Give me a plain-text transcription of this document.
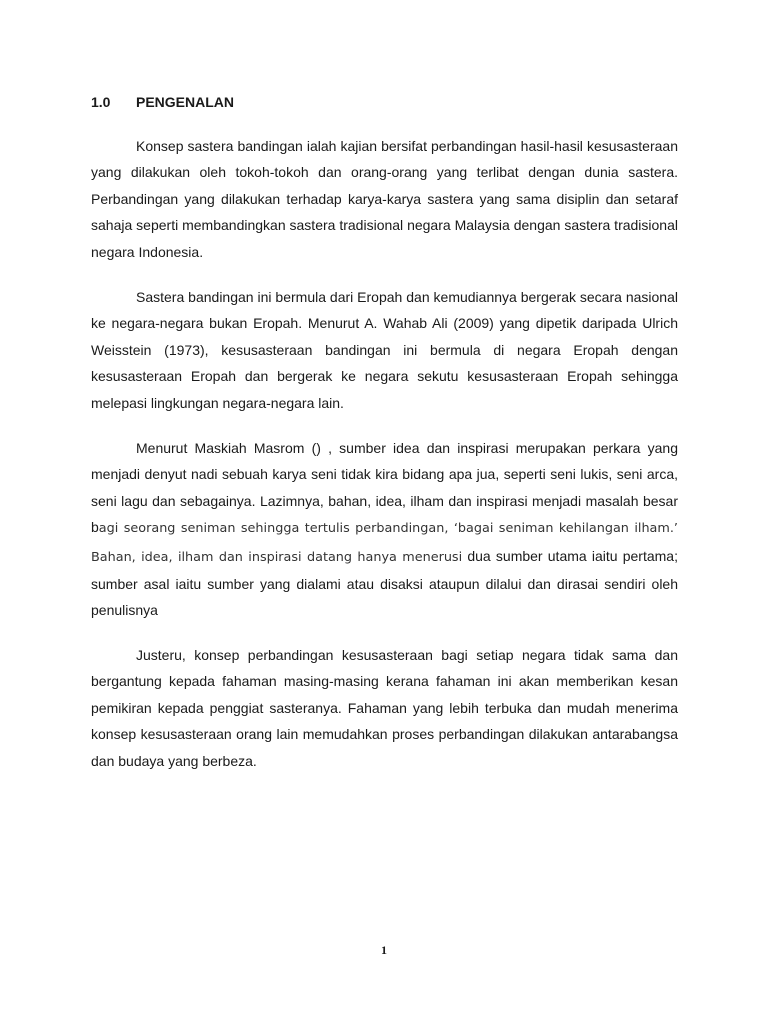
1.0 PENGENALAN

Konsep sastera bandingan ialah kajian bersifat perbandingan hasil-hasil kesusasteraan yang dilakukan oleh tokoh-tokoh dan orang-orang yang terlibat dengan dunia sastera. Perbandingan yang dilakukan terhadap karya-karya sastera yang sama disiplin dan setaraf sahaja seperti membandingkan sastera tradisional negara Malaysia dengan sastera tradisional negara Indonesia.

Sastera bandingan ini bermula dari Eropah dan kemudiannya bergerak secara nasional ke negara-negara bukan Eropah. Menurut A. Wahab Ali (2009) yang dipetik daripada Ulrich Weisstein (1973), kesusasteraan bandingan ini bermula di negara Eropah dengan kesusasteraan Eropah dan bergerak ke negara sekutu kesusasteraan Eropah sehingga melepasi lingkungan negara-negara lain.

Menurut Maskiah Masrom () , sumber idea dan inspirasi merupakan perkara yang menjadi denyut nadi sebuah karya seni tidak kira bidang apa jua, seperti seni lukis, seni arca, seni lagu dan sebagainya. Lazimnya, bahan, idea, ilham dan inspirasi menjadi masalah besar bagi seorang seniman sehingga tertulis perbandingan, ‘bagai seniman kehilangan ilham.’ Bahan, idea, ilham dan inspirasi datang hanya menerusi dua sumber utama iaitu pertama; sumber asal iaitu sumber yang dialami atau disaksi ataupun dilalui dan dirasai sendiri oleh penulisnya

Justeru, konsep perbandingan kesusasteraan bagi setiap negara tidak sama dan bergantung kepada fahaman masing-masing kerana fahaman ini akan memberikan kesan pemikiran kepada penggiat sasteranya. Fahaman yang lebih terbuka dan mudah menerima konsep kesusasteraan orang lain memudahkan proses perbandingan dilakukan antarabangsa dan budaya yang berbeza.

1
